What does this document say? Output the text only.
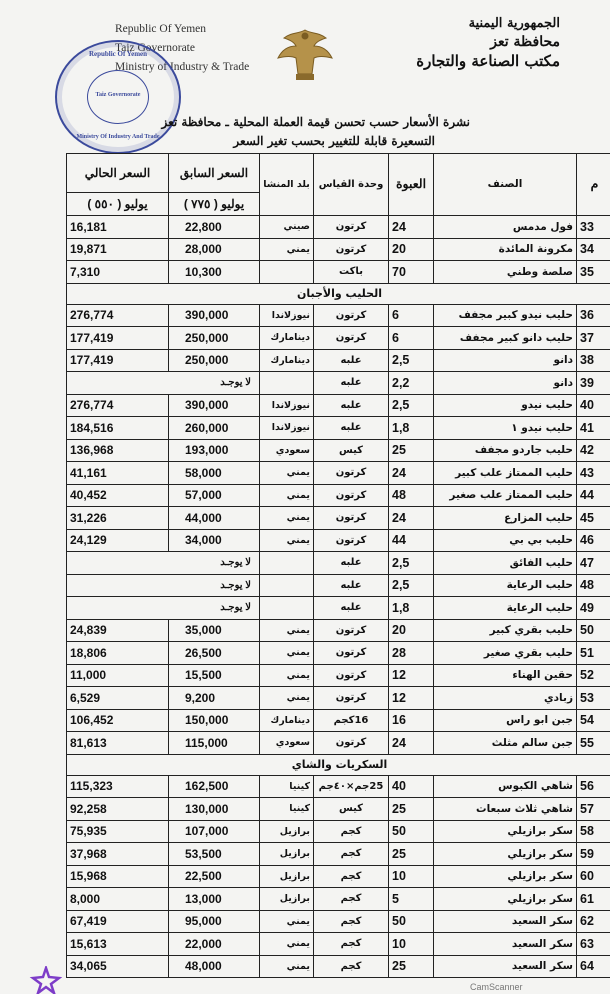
الجمهورية اليمنية
محافظة تعز
مكتب الصناعة والتجارة
Republic Of Yemen
Taiz Governorate
Ministry of Industry & Trade
Republic Of Yemen
Taiz Governorate
Ministry Of Industry And Trade
نشرة الأسعار حسب تحسن قيمة العملة المحلية ـ محافظة تعز
التسعيرة قابلة للتغيير بحسب تغير السعر
السعر الحالي	السعر السابق	بلد المنشا	وحدة القياس	العبوة	الصنف	م
يوليو ( ٥٥٠ )	يوليو ( ٧٧٥ )					
16,181	22,800	صيني	كرتون	24	فول مدمس	33
19,871	28,000	يمني	كرتون	20	مكرونة المائدة	34
7,310	10,300		باكت	70	صلصة وطني	35
الحليب والأجبان						
276,774	390,000	نيوزلاندا	كرتون	6	حليب نيدو كبير مجفف	36
177,419	250,000	دينامارك	كرتون	6	حليب دانو كبير مجفف	37
177,419	250,000	دينامارك	علبه	2,5	دانو	38
لا يوجـد			علبه	2,2	دانو	39
276,774	390,000	نيوزلاندا	علبه	2,5	حليب نيدو	40
184,516	260,000	نيوزلاندا	علبه	1,8	حليب نيدو ١	41
136,968	193,000	سعودي	كيس	25	حليب جاردو مجفف	42
41,161	58,000	يمني	كرتون	24	حليب الممتاز علب كبير	43
40,452	57,000	يمني	كرتون	48	حليب الممتاز علب صغير	44
31,226	44,000	يمني	كرتون	24	حليب المزارع	45
24,129	34,000	يمني	كرتون	44	حليب بي بي	46
لا يوجـد			علبه	2,5	حليب الفائق	47
لا يوجـد			علبه	2,5	حليب الرعاية	48
لا يوجـد			علبه	1,8	حليب الرعاية	49
24,839	35,000	يمني	كرتون	20	حليب بقري كبير	50
18,806	26,500	يمني	كرتون	28	حليب بقري صغير	51
11,000	15,500	يمني	كرتون	12	حقين الهناء	52
6,529	9,200	يمني	كرتون	12	زبادي	53
106,452	150,000	دينامارك	16كجم	16	جبن ابو راس	54
81,613	115,000	سعودي	كرتون	24	جبن سالم مثلث	55
السكريات والشاي						
115,323	162,500	كينيا	25جم×٤٠جم	40	شاهي الكبوس	56
92,258	130,000	كينيا	كيس	25	شاهي ثلاث سبعات	57
75,935	107,000	برازيل	كجم	50	سكر برازيلي	58
37,968	53,500	برازيل	كجم	25	سكر برازيلي	59
15,968	22,500	برازيل	كجم	10	سكر برازيلي	60
8,000	13,000	برازيل	كجم	5	سكر برازيلي	61
67,419	95,000	يمني	كجم	50	سكر السعيد	62
15,613	22,000	يمني	كجم	10	سكر السعيد	63
34,065	48,000	يمني	كجم	25	سكر السعيد	64
CamScanner
